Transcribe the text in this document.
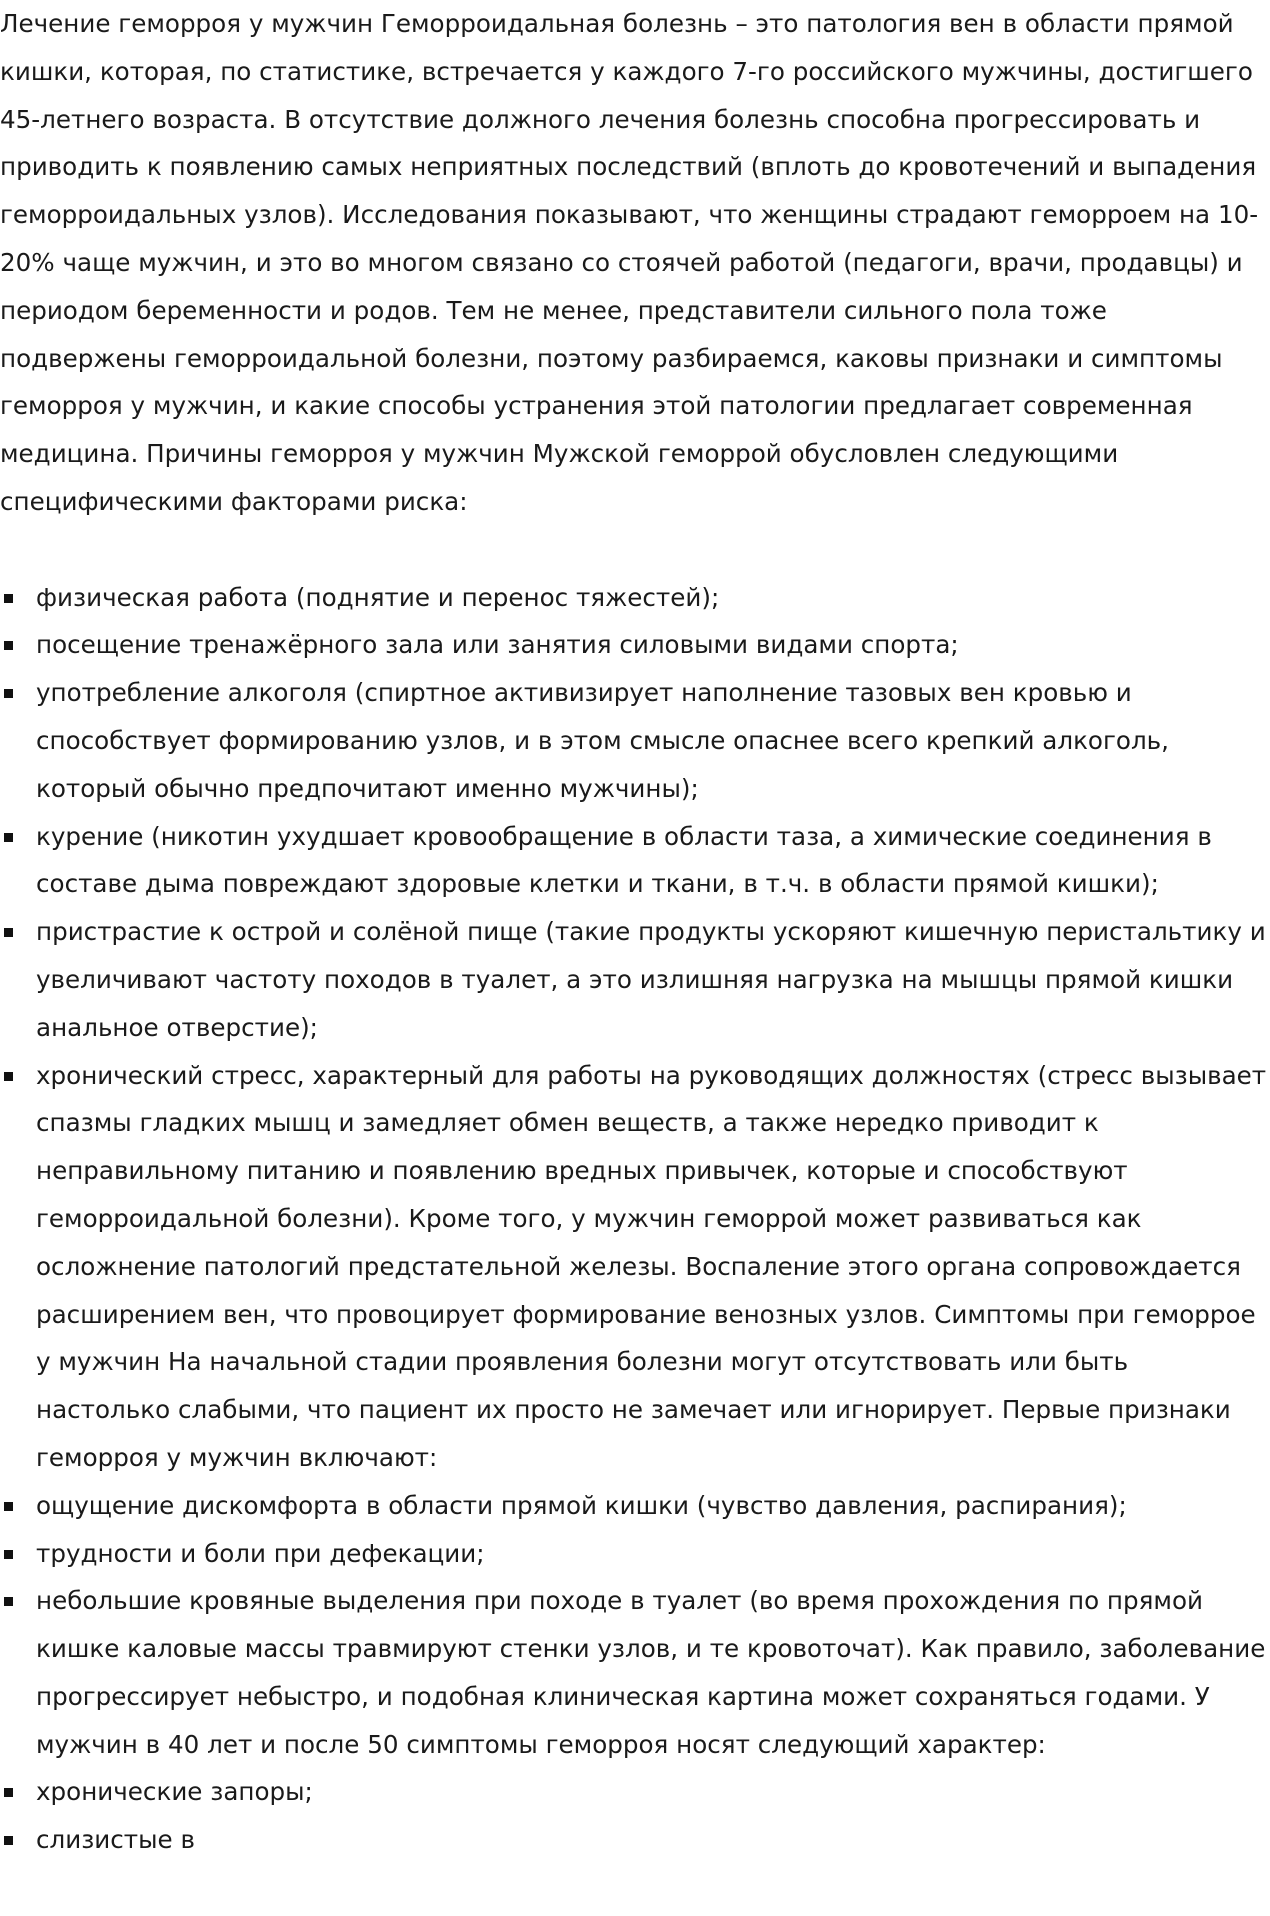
Лечение геморроя у мужчин Геморроидальная болезнь – это патология вен в области прямой кишки, которая, по статистике, встречается у каждого 7-го российского мужчины, достигшего 45-летнего возраста. В отсутствие должного лечения болезнь способна прогрессировать и приводить к появлению самых неприятных последствий (вплоть до кровотечений и выпадения геморроидальных узлов). Исследования показывают, что женщины страдают геморроем на 10-20% чаще мужчин, и это во многом связано со стоячей работой (педагоги, врачи, продавцы) и периодом беременности и родов. Тем не менее, представители сильного пола тоже подвержены геморроидальной болезни, поэтому разбираемся, каковы признаки и симптомы геморроя у мужчин, и какие способы устранения этой патологии предлагает современная медицина. Причины геморроя у мужчин Мужской геморрой обусловлен следующими специфическими факторами риска:

физическая работа (поднятие и перенос тяжестей);
посещение тренажёрного зала или занятия силовыми видами спорта;
употребление алкоголя (спиртное активизирует наполнение тазовых вен кровью и способствует формированию узлов, и в этом смысле опаснее всего крепкий алкоголь, который обычно предпочитают именно мужчины);
курение (никотин ухудшает кровообращение в области таза, а химические соединения в составе дыма повреждают здоровые клетки и ткани, в т.ч. в области прямой кишки);
пристрастие к острой и солёной пище (такие продукты ускоряют кишечную перистальтику и увеличивают частоту походов в туалет, а это излишняя нагрузка на мышцы прямой кишки анальное отверстие);
хронический стресс, характерный для работы на руководящих должностях (стресс вызывает спазмы гладких мышц и замедляет обмен веществ, а также нередко приводит к неправильному питанию и появлению вредных привычек, которые и способствуют геморроидальной болезни). Кроме того, у мужчин геморрой может развиваться как осложнение патологий предстательной железы. Воспаление этого органа сопровождается расширением вен, что провоцирует формирование венозных узлов. Симптомы при геморрое у мужчин На начальной стадии проявления болезни могут отсутствовать или быть настолько слабыми, что пациент их просто не замечает или игнорирует. Первые признаки геморроя у мужчин включают:
ощущение дискомфорта в области прямой кишки (чувство давления, распирания);
трудности и боли при дефекации;
небольшие кровяные выделения при походе в туалет (во время прохождения по прямой кишке каловые массы травмируют стенки узлов, и те кровоточат). Как правило, заболевание прогрессирует небыстро, и подобная клиническая картина может сохраняться годами. У мужчин в 40 лет и после 50 симптомы геморроя носят следующий характер:
хронические запоры;
слизистые в
